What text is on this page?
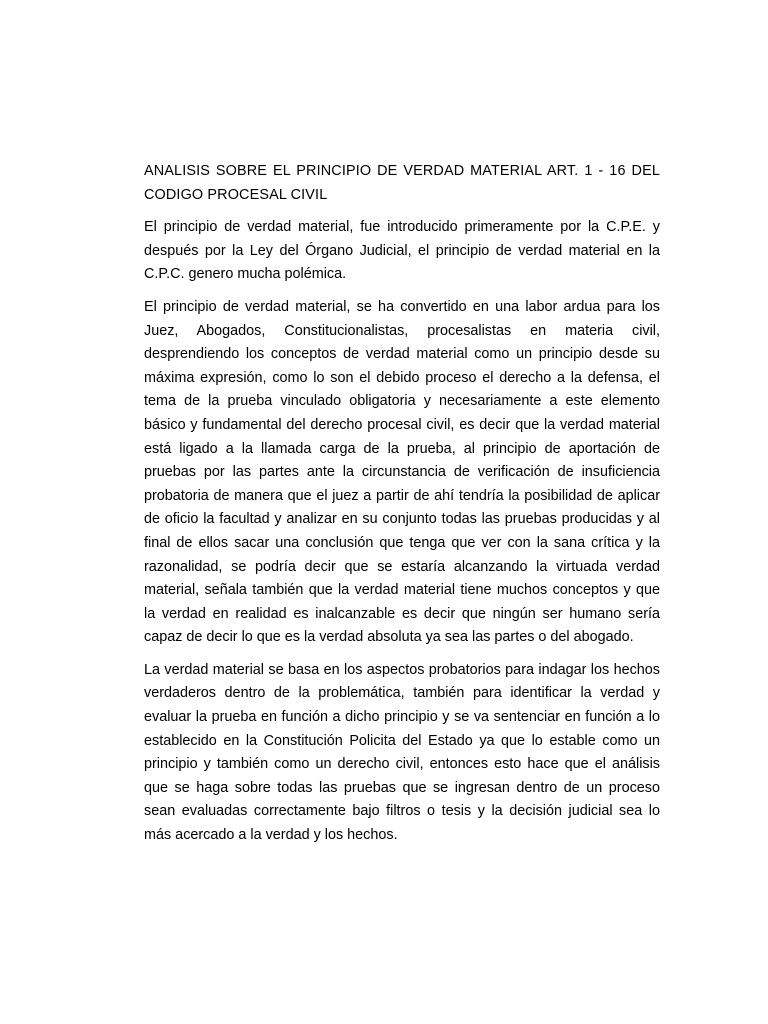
ANALISIS SOBRE EL PRINCIPIO DE VERDAD MATERIAL ART. 1 - 16 DEL CODIGO PROCESAL CIVIL

El principio de verdad material, fue introducido primeramente por la C.P.E. y después por la Ley del Órgano Judicial, el principio de verdad material en la C.P.C. genero mucha polémica.

El principio de verdad material, se ha convertido en una labor ardua para los Juez, Abogados, Constitucionalistas, procesalistas en materia civil, desprendiendo los conceptos de verdad material como un principio desde su máxima expresión, como lo son el debido proceso el derecho a la defensa, el tema de la prueba vinculado obligatoria y necesariamente a este elemento básico y fundamental del derecho procesal civil, es decir que la verdad material está ligado a la llamada carga de la prueba, al principio de aportación de pruebas por las partes ante la circunstancia de verificación de insuficiencia probatoria de manera que el juez a partir de ahí tendría la posibilidad de aplicar de oficio la facultad y analizar en su conjunto todas las pruebas producidas y al final de ellos sacar una conclusión que tenga que ver con la sana crítica y la razonalidad, se podría decir que se estaría alcanzando la virtuada verdad material, señala también que la verdad material tiene muchos conceptos y que la verdad en realidad es inalcanzable es decir que ningún ser humano sería capaz de decir lo que es la verdad absoluta ya sea las partes o del abogado.

La verdad material se basa en los aspectos probatorios para indagar los hechos verdaderos dentro de la problemática, también para identificar la verdad y evaluar la prueba en función a dicho principio y se va sentenciar en función a lo establecido en la Constitución Policita del Estado ya que lo estable como un principio y también como un derecho civil, entonces esto hace que el análisis que se haga sobre todas las pruebas que se ingresan dentro de un proceso sean evaluadas correctamente bajo filtros o tesis y la decisión judicial sea lo más acercado a la verdad y los hechos.
